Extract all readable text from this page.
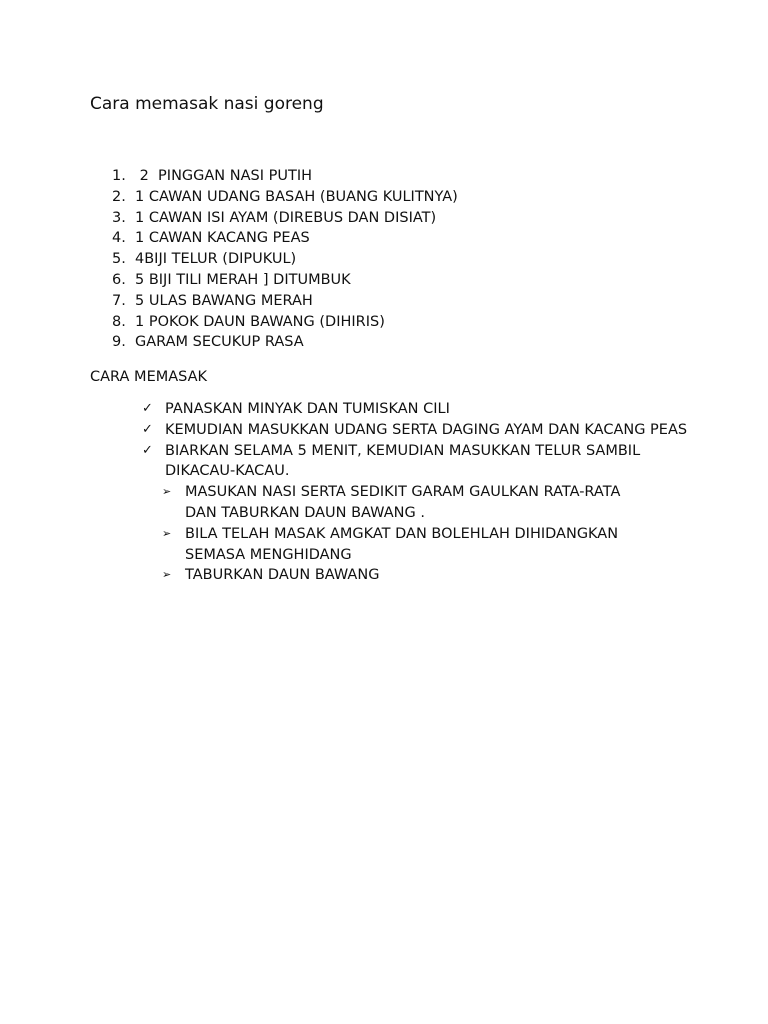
Cara memasak nasi goreng
1. 2  PINGGAN NASI PUTIH
2. 1 CAWAN UDANG BASAH (BUANG KULITNYA)
3. 1 CAWAN ISI AYAM (DIREBUS DAN DISIAT)
4. 1 CAWAN KACANG PEAS
5. 4BIJI TELUR (DIPUKUL)
6. 5 BIJI TILI MERAH ] DITUMBUK
7. 5 ULAS BAWANG MERAH
8. 1 POKOK DAUN BAWANG (DIHIRIS)
9. GARAM SECUKUP RASA
CARA MEMASAK
✓ PANASKAN MINYAK DAN TUMISKAN CILI
✓ KEMUDIAN MASUKKAN UDANG SERTA DAGING AYAM DAN KACANG PEAS
✓ BIARKAN SELAMA 5 MENIT, KEMUDIAN MASUKKAN TELUR SAMBIL DIKACAU-KACAU.
➢ MASUKAN NASI SERTA SEDIKIT GARAM GAULKAN RATA-RATA DAN TABURKAN DAUN BAWANG .
➢ BILA TELAH MASAK AMGKAT DAN BOLEHLAH DIHIDANGKAN SEMASA MENGHIDANG
➢ TABURKAN DAUN BAWANG
